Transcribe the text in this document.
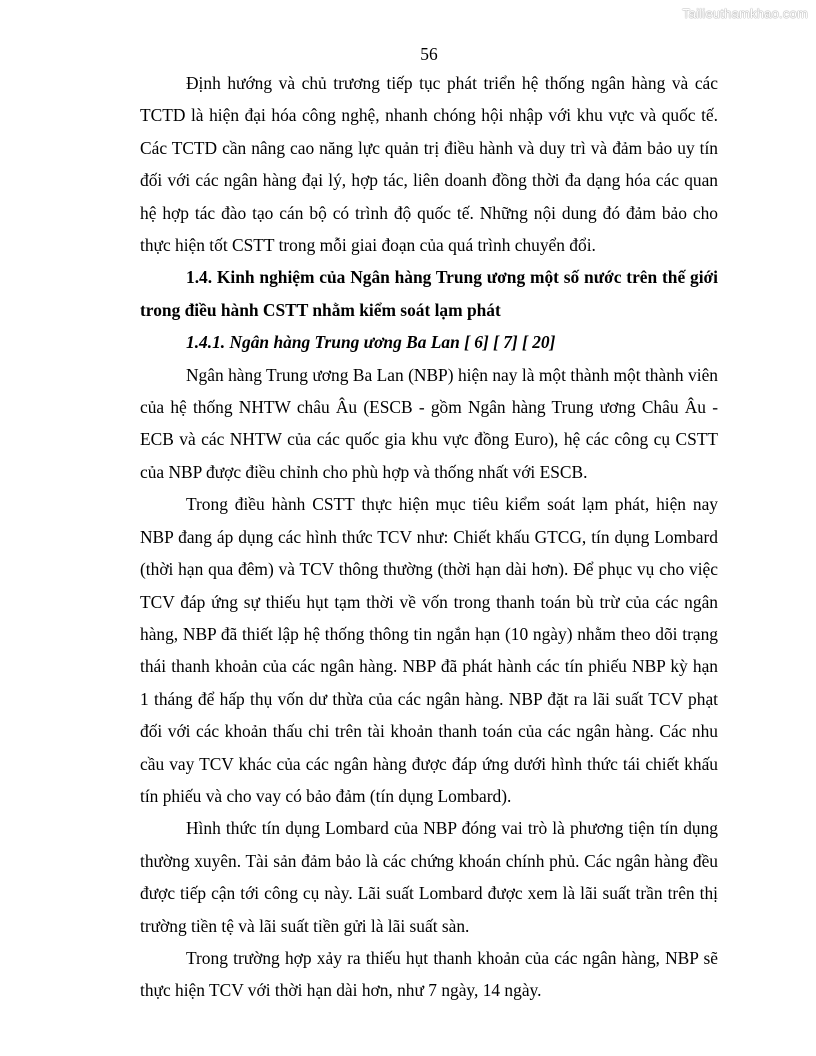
Tailieuthamkhao.com
56

Định hướng và chủ trương tiếp tục phát triển hệ thống ngân hàng và các TCTD là hiện đại hóa công nghệ, nhanh chóng hội nhập với khu vực và quốc tế. Các TCTD cần nâng cao năng lực quản trị điều hành và duy trì và đảm bảo uy tín đối với các ngân hàng đại lý, hợp tác, liên doanh đồng thời đa dạng hóa các quan hệ hợp tác đào tạo cán bộ có trình độ quốc tế. Những nội dung đó đảm bảo cho thực hiện tốt CSTT trong mỗi giai đoạn của quá trình chuyển đổi.

1.4. Kinh nghiệm của Ngân hàng Trung ương một số nước trên thế giới trong điều hành CSTT nhằm kiểm soát lạm phát

1.4.1. Ngân hàng Trung ương Ba Lan [ 6] [ 7] [ 20]

Ngân hàng Trung ương Ba Lan (NBP) hiện nay là một thành một thành viên của hệ thống NHTW châu Âu (ESCB - gồm Ngân hàng Trung ương Châu Âu - ECB và các NHTW của các quốc gia khu vực đồng Euro), hệ các công cụ CSTT của NBP được điều chỉnh cho phù hợp và thống nhất với ESCB.

Trong điều hành CSTT thực hiện mục tiêu kiểm soát lạm phát, hiện nay NBP đang áp dụng các hình thức TCV như: Chiết khấu GTCG, tín dụng Lombard (thời hạn qua đêm) và TCV thông thường (thời hạn dài hơn). Để phục vụ cho việc TCV đáp ứng sự thiếu hụt tạm thời về vốn trong thanh toán bù trừ của các ngân hàng, NBP đã thiết lập hệ thống thông tin ngắn hạn (10 ngày) nhằm theo dõi trạng thái thanh khoản của các ngân hàng. NBP đã phát hành các tín phiếu NBP kỳ hạn 1 tháng để hấp thụ vốn dư thừa của các ngân hàng. NBP đặt ra lãi suất TCV phạt đối với các khoản thấu chi trên tài khoản thanh toán của các ngân hàng. Các nhu cầu vay TCV khác của các ngân hàng được đáp ứng dưới hình thức tái chiết khấu tín phiếu và cho vay có bảo đảm (tín dụng Lombard).

Hình thức tín dụng Lombard của NBP đóng vai trò là phương tiện tín dụng thường xuyên. Tài sản đảm bảo là các chứng khoán chính phủ. Các ngân hàng đều được tiếp cận tới công cụ này. Lãi suất Lombard được xem là lãi suất trần trên thị trường tiền tệ và lãi suất tiền gửi là lãi suất sàn.

Trong trường hợp xảy ra thiếu hụt thanh khoản của các ngân hàng, NBP sẽ thực hiện TCV với thời hạn dài hơn, như 7 ngày, 14 ngày.
